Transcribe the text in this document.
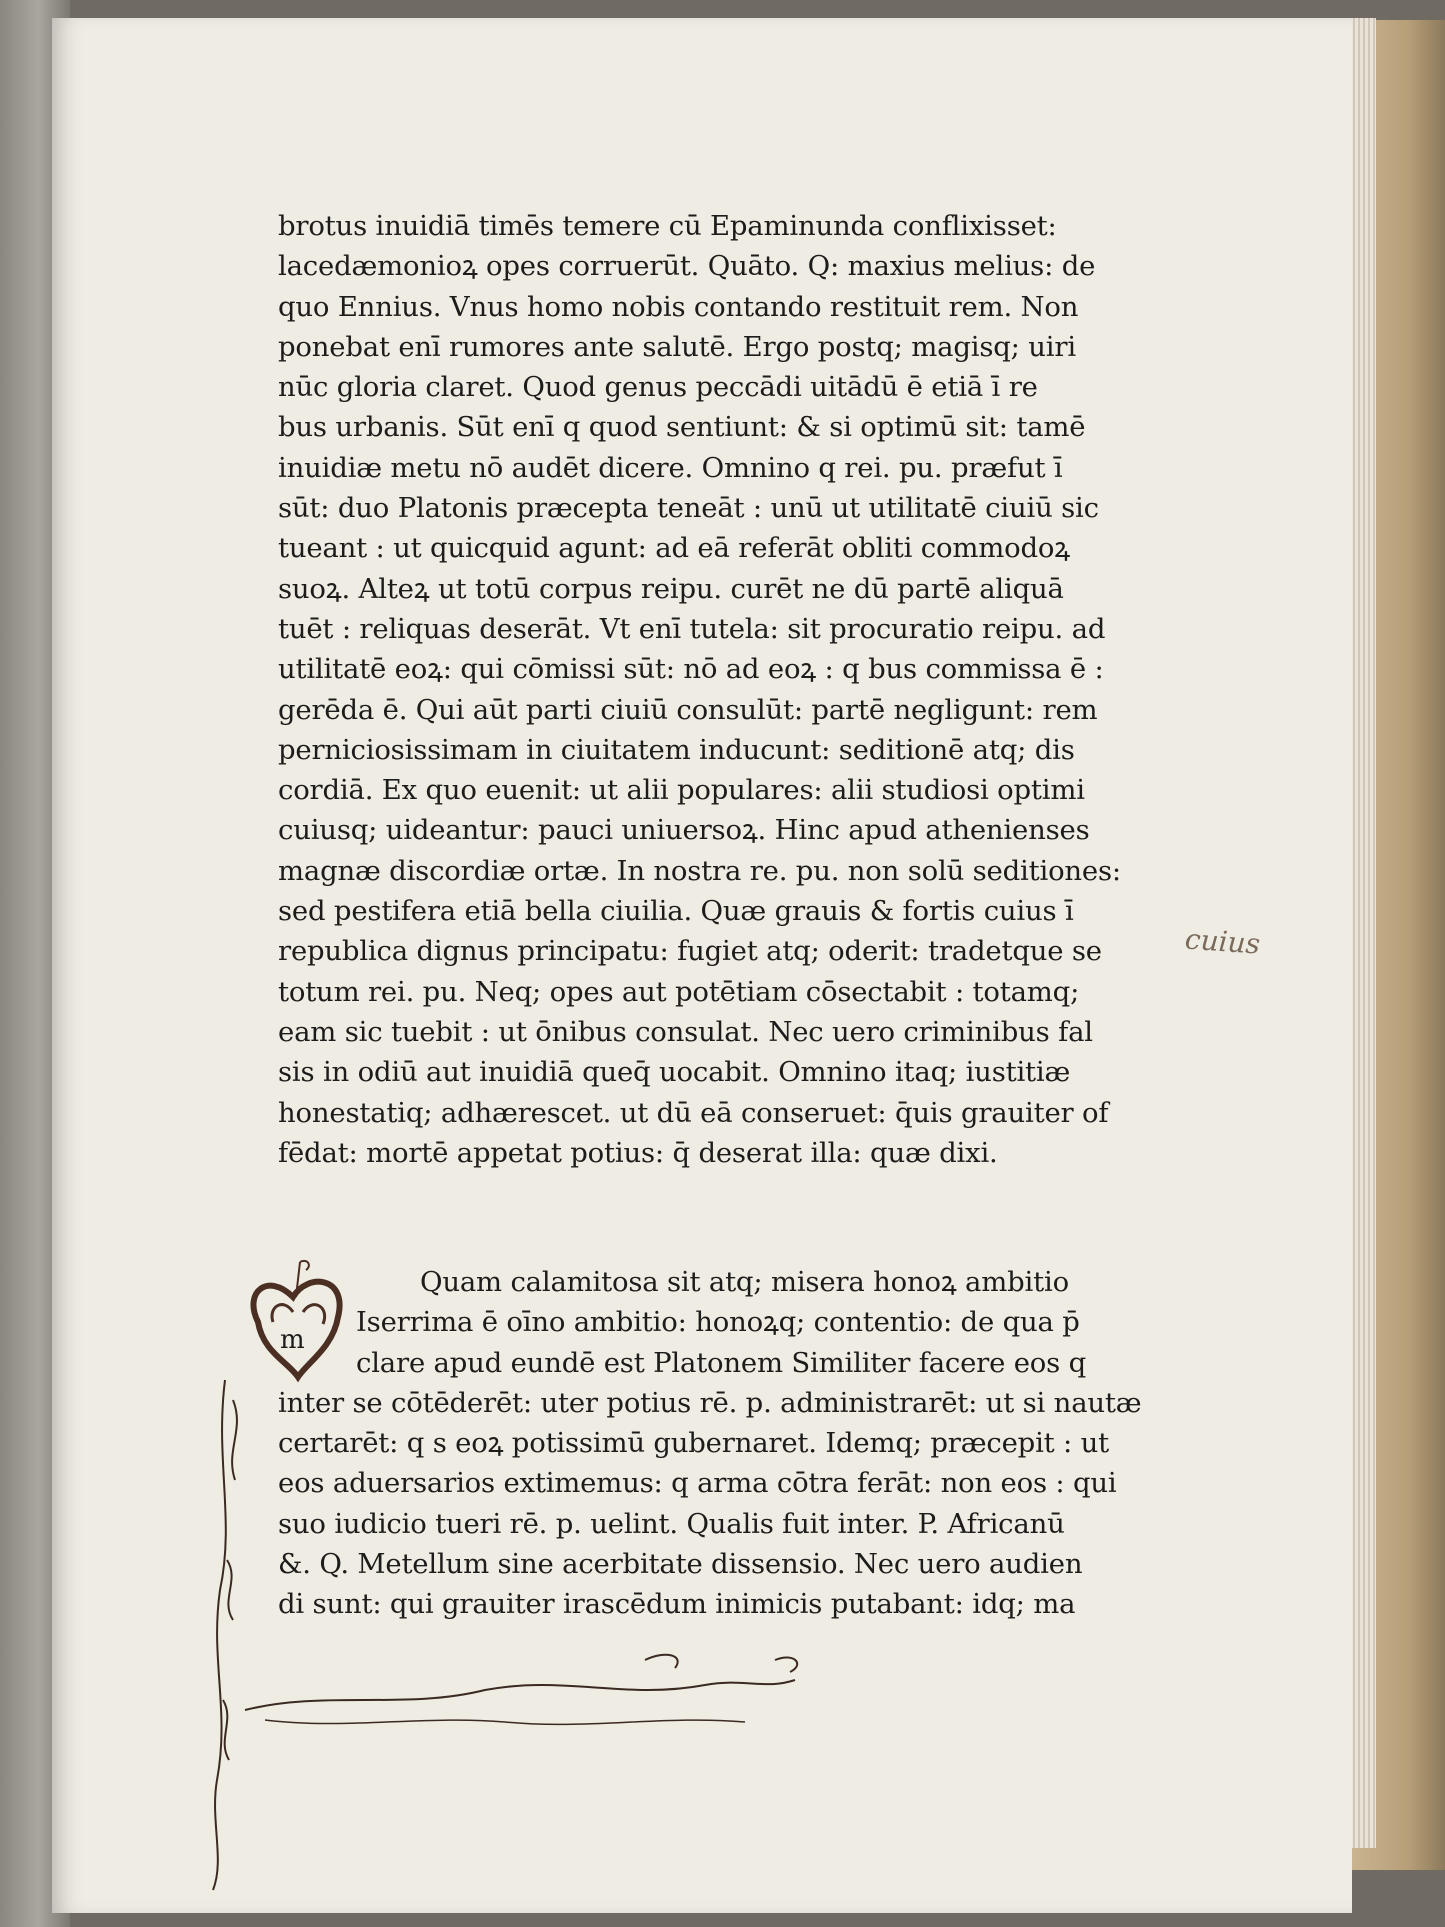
brotus inuidiā timēs temere cū Epaminunda conflixisset:
lacedæmonioꝝ opes corruerūt. Quāto. Q: maxius melius: de
quo Ennius. Vnus homo nobis contando restituit rem. Non
ponebat enī rumores ante salutē. Ergo postq; magisq; uiri
nūc gloria claret. Quod genus peccādi uitādū ē etiā ī re
bus urbanis. Sūt enī q quod sentiunt: & si optimū sit: tamē
inuidiæ metu nō audēt dicere. Omnino q rei. pu. præfut ī
sūt: duo Platonis præcepta teneāt : unū ut utilitatē ciuiū sic
tueant : ut quicquid agunt: ad eā referāt obliti commodoꝝ
suoꝝ. Alteꝝ ut totū corpus reipu. curēt ne dū partē aliquā
tuēt : reliquas deserāt. Vt enī tutela: sit procuratio reipu. ad
utilitatē eoꝝ: qui cōmissi sūt: nō ad eoꝝ : q bus commissa ē :
gerēda ē. Qui aūt parti ciuiū consulūt: partē negligunt: rem
perniciosissimam in ciuitatem inducunt: seditionē atq; dis
cordiā. Ex quo euenit: ut alii populares: alii studiosi optimi
cuiusq; uideantur: pauci uniuersoꝝ. Hinc apud athenienses
magnæ discordiæ ortæ. In nostra re. pu. non solū seditiones:
sed pestifera etiā bella ciuilia. Quæ grauis & fortis cuius ī
republica dignus principatu: fugiet atq; oderit: tradetque se
totum rei. pu. Neq; opes aut potētiam cōsectabit : totamq;
eam sic tuebit : ut ōnibus consulat. Nec uero criminibus fal
sis in odiū aut inuidiā queq̄ uocabit. Omnino itaq; iustitiæ
honestatiq; adhærescet. ut dū eā conseruet: q̄uis grauiter of
fēdat: mortē appetat potius: q̄ deserat illa: quæ dixi.
cuius
m
Quam calamitosa sit atq; misera honoꝝ ambitio
Iserrima ē oīno ambitio: honoꝝq; contentio: de qua p̄
clare apud eundē est Platonem Similiter facere eos q
inter se cōtēderēt: uter potius rē. p. administrarēt: ut si nautæ
certarēt: q s eoꝝ potissimū gubernaret. Idemq; præcepit : ut
eos aduersarios extimemus: q arma cōtra ferāt: non eos : qui
suo iudicio tueri rē. p. uelint. Qualis fuit inter. P. Africanū
&. Q. Metellum sine acerbitate dissensio. Nec uero audien
di sunt: qui grauiter irascēdum inimicis putabant: idq; ma
